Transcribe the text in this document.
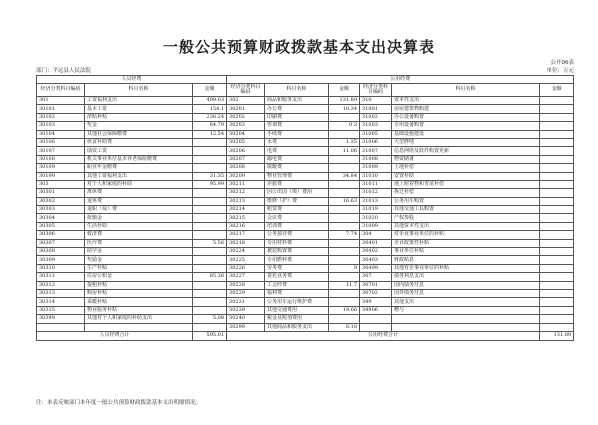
一般公共预算财政拨款基本支出决算表
公开06表
部门：平远县人民法院	单位：万元
人员经费			公用经费					
经济分类科目编码	科目名称	金额	经济分类科目编码	科目名称	金额	经济分类科目编码	科目名称	金额
301	工资福利支出	499.03	302	商品和服务支出	131.89	310	资本性支出	
30101	基本工资	154.1	30201	办公费	10.34	31001	房屋建筑物购建	
30102	津贴补贴	236.24	30202	印刷费		31002	办公设备购置	
30103	奖金	64.79	30203	咨询费	0.3	31003	专用设备购置	
30104	其他社会保障缴费	12.54	30204	手续费		31005	基础设施建设	
30106	伙食补助费		30205	水费	1.35	31006	大型修缮	
30107	绩效工资		30206	电费	11.06	31007	信息网络及软件购置更新	
30108	机关事业单位基本养老保险缴费		30207	邮电费		31008	物资储备	
30109	职业年金缴费		30208	取暖费		31009	土地补偿	
30199	其他工资福利支出	31.35	30209	物业管理费	34.84	31010	安置补助	
303	对个人和家庭的补助	95.99	30211	差旅费		31011	地上附着物和青苗补偿	
30301	离休费		30212	因公出国（境）费用		31012	拆迁补偿	
30302	退休费		30213	维修（护）费	16.63	31013	公务用车购置	
30303	退职（役）费		30214	租赁费		31019	其他交通工具购置	
30304	抚恤金		30215	会议费		31020	产权参股	
30305	生活补助		30216	培训费		31099	其他资本性支出	
30306	救济费		30217	公务接待费	7.74	304	对企业事业单位的补贴	
30307	医疗费	5.56	30218	专用材料费		30401	企业政策性补贴	
30308	助学金		30224	被装购置费		30402	事业单位补贴	
30309	奖励金		30225	专用燃料费		30403	财政贴息	
30310	生产补贴		30226	劳务费	9	30499	其他对企事业单位的补贴	
30311	住房公积金	85.36	30227	委托业务费		307	债务利息支出	
30312	提租补贴		30228	工会经费	11.7	30701	国内债务付息	
30313	购房补贴		30229	福利费		30702	国外债务付息	
30314	采暖补贴		30231	公务用车运行维护费		399	其他支出	
30315	物业服务补贴		30239	其他交通费用	19.66	39906	赠与	
30399	其他对个人和家庭的补助支出	5.08	30240	税金及附加费用				
			30299	其他商品和服务支出	8.18			
人员经费合计		595.01	公用经费合计					131.89
注：本表反映部门本年度一般公共预算财政拨款基本支出明细情况。
